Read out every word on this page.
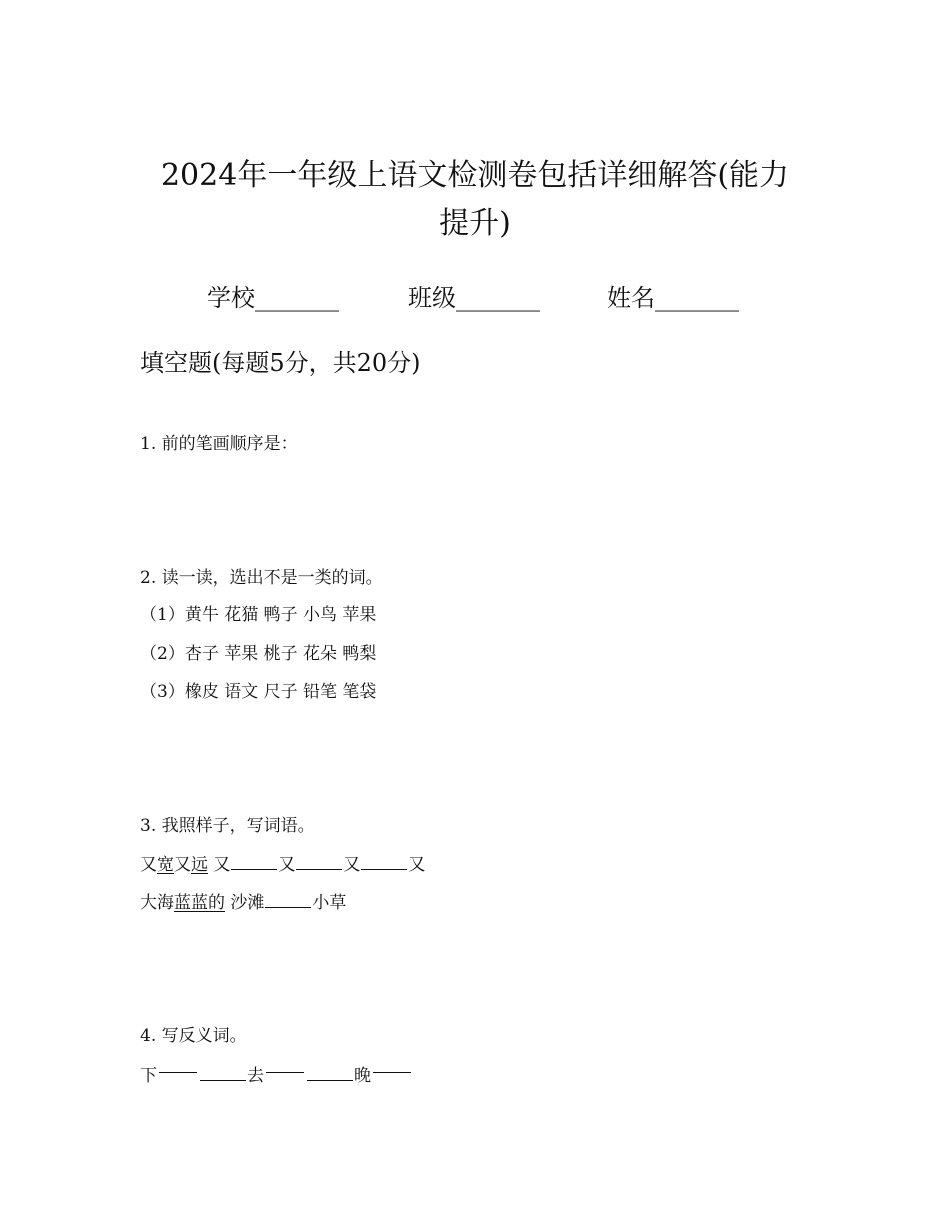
2024年一年级上语文检测卷包括详细解答(能力
提升)
学校_______	班级_______	姓名_______
填空题(每题5分，共20分)
1. 前的笔画顺序是：
2. 读一读，选出不是一类的词。
（1）黄牛 花猫 鸭子 小鸟 苹果
（2）杏子 苹果 桃子 花朵 鸭梨
（3）橡皮 语文 尺子 铅笔 笔袋
3. 我照样子，写词语。
又宽又远 又	又	又	又
大海蓝蓝的 沙滩	小草
4. 写反义词。
下	去	晚
